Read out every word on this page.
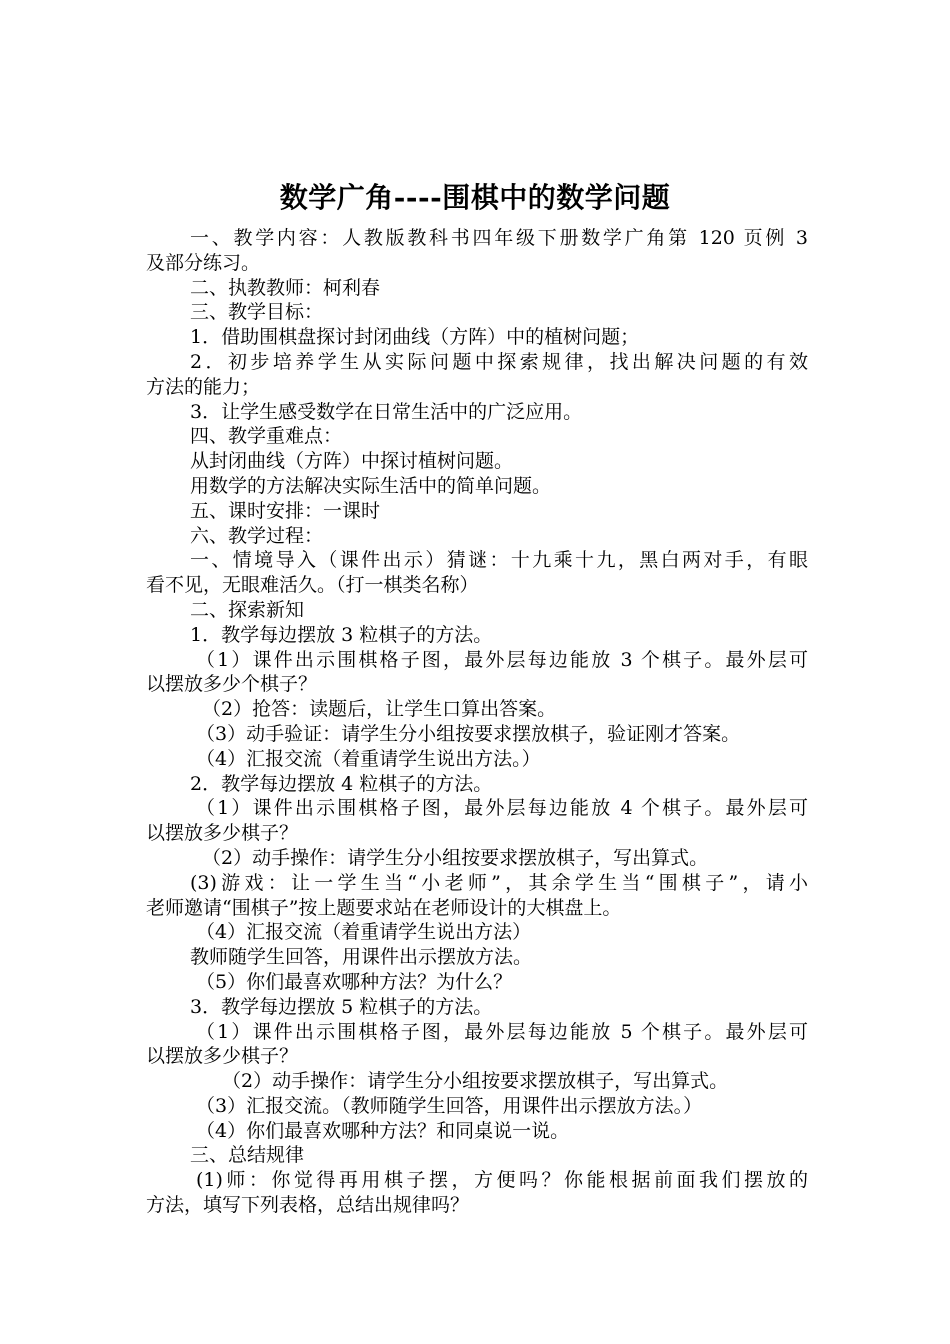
数学广角----围棋中的数学问题
一、教学内容：人教版教科书四年级下册数学广角第 120 页例 3
及部分练习。
二、执教教师：柯利春
三、教学目标：
1．借助围棋盘探讨封闭曲线（方阵）中的植树问题；
2．初步培养学生从实际问题中探索规律，找出解决问题的有效
方法的能力；
3．让学生感受数学在日常生活中的广泛应用。
四、教学重难点：
从封闭曲线（方阵）中探讨植树问题。
用数学的方法解决实际生活中的简单问题。
五、课时安排：一课时
六、教学过程：
一、情境导入（课件出示）猜谜：十九乘十九，黑白两对手，有眼
看不见，无眼难活久。（打一棋类名称）
二、探索新知
1．教学每边摆放 3 粒棋子的方法。
（1）课件出示围棋格子图，最外层每边能放 3 个棋子。最外层可
以摆放多少个棋子？
（2）抢答：读题后，让学生口算出答案。
（3）动手验证：请学生分小组按要求摆放棋子，验证刚才答案。
（4）汇报交流（着重请学生说出方法。）
2．教学每边摆放 4 粒棋子的方法。
（1）课件出示围棋格子图，最外层每边能放 4 个棋子。最外层可
以摆放多少棋子？
（2）动手操作：请学生分小组按要求摆放棋子，写出算式。
(3)游戏：让一学生当“小老师”，其余学生当“围棋子”，请小
老师邀请“围棋子”按上题要求站在老师设计的大棋盘上。
（4）汇报交流（着重请学生说出方法）
教师随学生回答，用课件出示摆放方法。
（5）你们最喜欢哪种方法？为什么？
3．教学每边摆放 5 粒棋子的方法。
（1）课件出示围棋格子图，最外层每边能放 5 个棋子。最外层可
以摆放多少棋子？
（2）动手操作：请学生分小组按要求摆放棋子，写出算式。
（3）汇报交流。（教师随学生回答，用课件出示摆放方法。）
（4）你们最喜欢哪种方法？和同桌说一说。
三、总结规律
(1)师：你觉得再用棋子摆，方便吗？你能根据前面我们摆放的
方法，填写下列表格，总结出规律吗？
